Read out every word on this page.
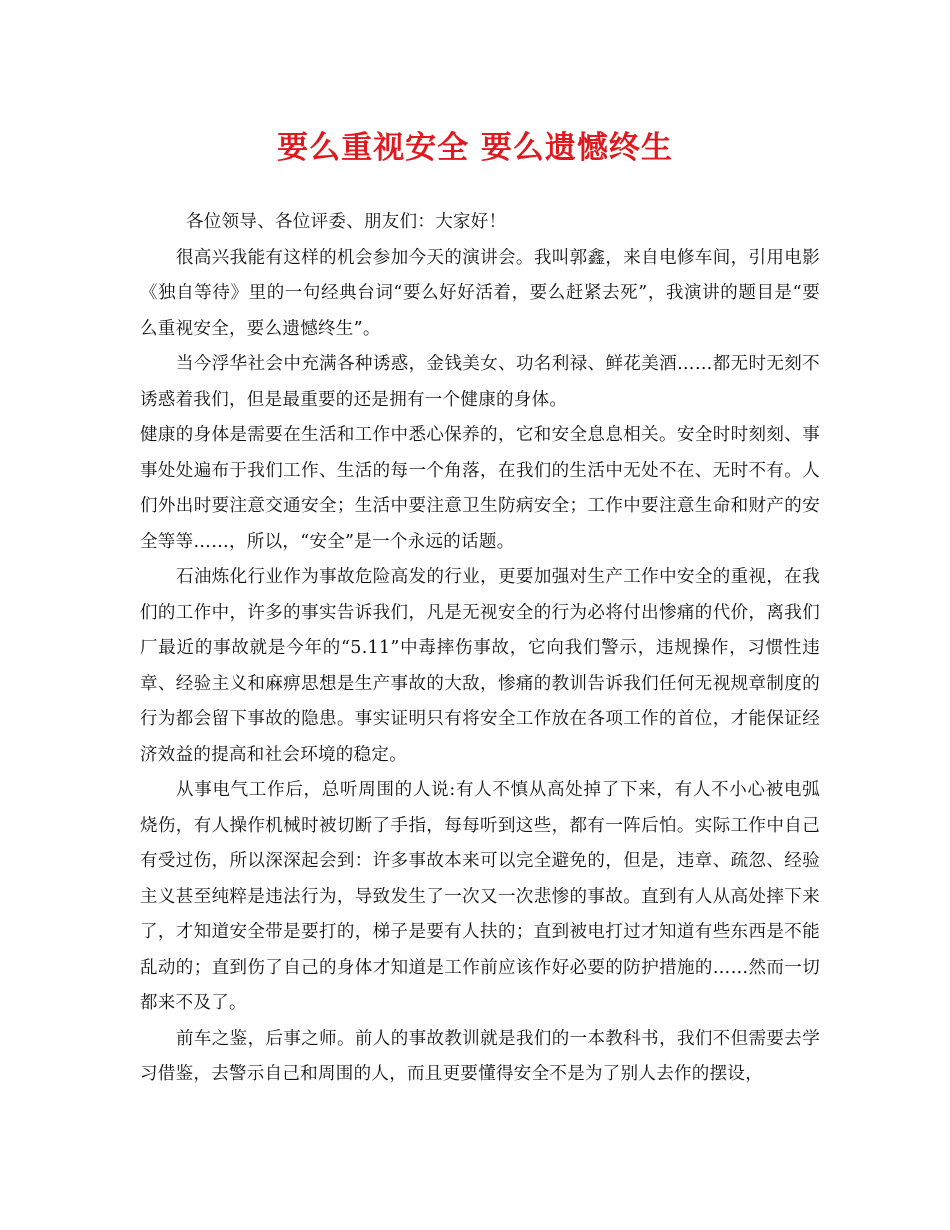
要么重视安全 要么遗憾终生

各位领导、各位评委、朋友们：大家好！

很高兴我能有这样的机会参加今天的演讲会。我叫郭鑫，来自电修车间，引用电影《独自等待》里的一句经典台词“要么好好活着，要么赶紧去死”，我演讲的题目是“要么重视安全，要么遗憾终生”。

当今浮华社会中充满各种诱惑，金钱美女、功名利禄、鲜花美酒……都无时无刻不诱惑着我们，但是最重要的还是拥有一个健康的身体。

健康的身体是需要在生活和工作中悉心保养的，它和安全息息相关。安全时时刻刻、事事处处遍布于我们工作、生活的每一个角落，在我们的生活中无处不在、无时不有。人们外出时要注意交通安全；生活中要注意卫生防病安全；工作中要注意生命和财产的安全等等……，所以，“安全”是一个永远的话题。

石油炼化行业作为事故危险高发的行业，更要加强对生产工作中安全的重视，在我们的工作中，许多的事实告诉我们，凡是无视安全的行为必将付出惨痛的代价，离我们厂最近的事故就是今年的“5.11”中毒摔伤事故，它向我们警示，违规操作，习惯性违章、经验主义和麻痹思想是生产事故的大敌，惨痛的教训告诉我们任何无视规章制度的行为都会留下事故的隐患。事实证明只有将安全工作放在各项工作的首位，才能保证经济效益的提高和社会环境的稳定。

从事电气工作后，总听周围的人说:有人不慎从高处掉了下来，有人不小心被电弧烧伤，有人操作机械时被切断了手指，每每听到这些，都有一阵后怕。实际工作中自己有受过伤，所以深深起会到：许多事故本来可以完全避免的，但是，违章、疏忽、经验主义甚至纯粹是违法行为，导致发生了一次又一次悲惨的事故。直到有人从高处摔下来了，才知道安全带是要打的，梯子是要有人扶的；直到被电打过才知道有些东西是不能乱动的；直到伤了自己的身体才知道是工作前应该作好必要的防护措施的……然而一切都来不及了。

前车之鉴，后事之师。前人的事故教训就是我们的一本教科书，我们不但需要去学习借鉴，去警示自己和周围的人，而且更要懂得安全不是为了别人去作的摆设，
